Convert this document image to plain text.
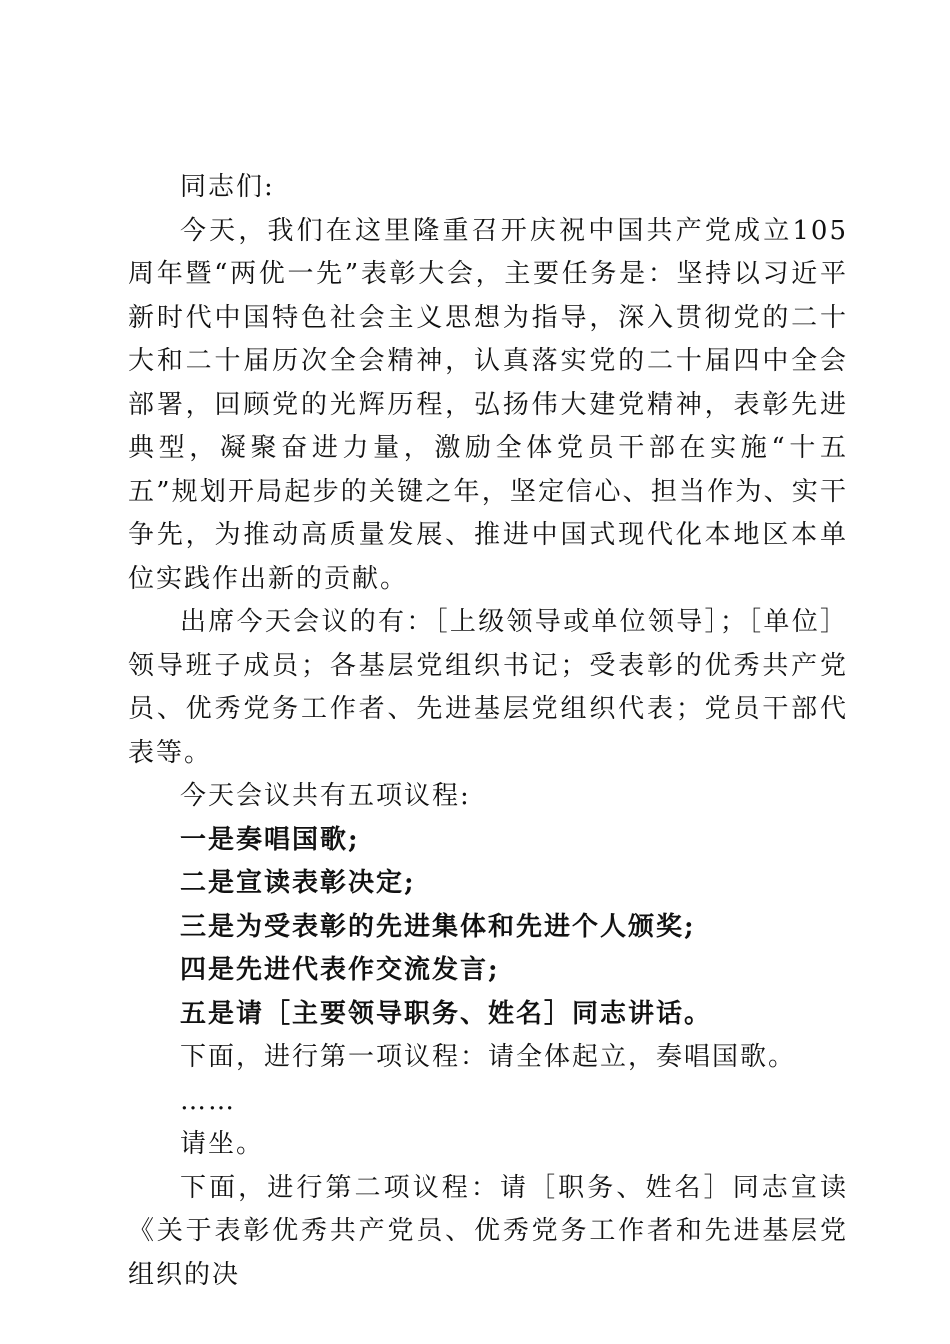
同志们:

今天，我们在这里隆重召开庆祝中国共产党成立105周年暨“两优一先”表彰大会，主要任务是：坚持以习近平新时代中国特色社会主义思想为指导，深入贯彻党的二十大和二十届历次全会精神，认真落实党的二十届四中全会部署，回顾党的光辉历程，弘扬伟大建党精神，表彰先进典型，凝聚奋进力量，激励全体党员干部在实施“十五五”规划开局起步的关键之年，坚定信心、担当作为、实干争先，为推动高质量发展、推进中国式现代化本地区本单位实践作出新的贡献。

出席今天会议的有：［上级领导或单位领导］；［单位］领导班子成员；各基层党组织书记；受表彰的优秀共产党员、优秀党务工作者、先进基层党组织代表；党员干部代表等。

今天会议共有五项议程:

一是奏唱国歌;

二是宣读表彰决定;

三是为受表彰的先进集体和先进个人颁奖;

四是先进代表作交流发言;

五是请［主要领导职务、姓名］同志讲话。

下面，进行第一项议程：请全体起立，奏唱国歌。

……

请坐。

下面，进行第二项议程：请［职务、姓名］同志宣读《关于表彰优秀共产党员、优秀党务工作者和先进基层党组织的决
